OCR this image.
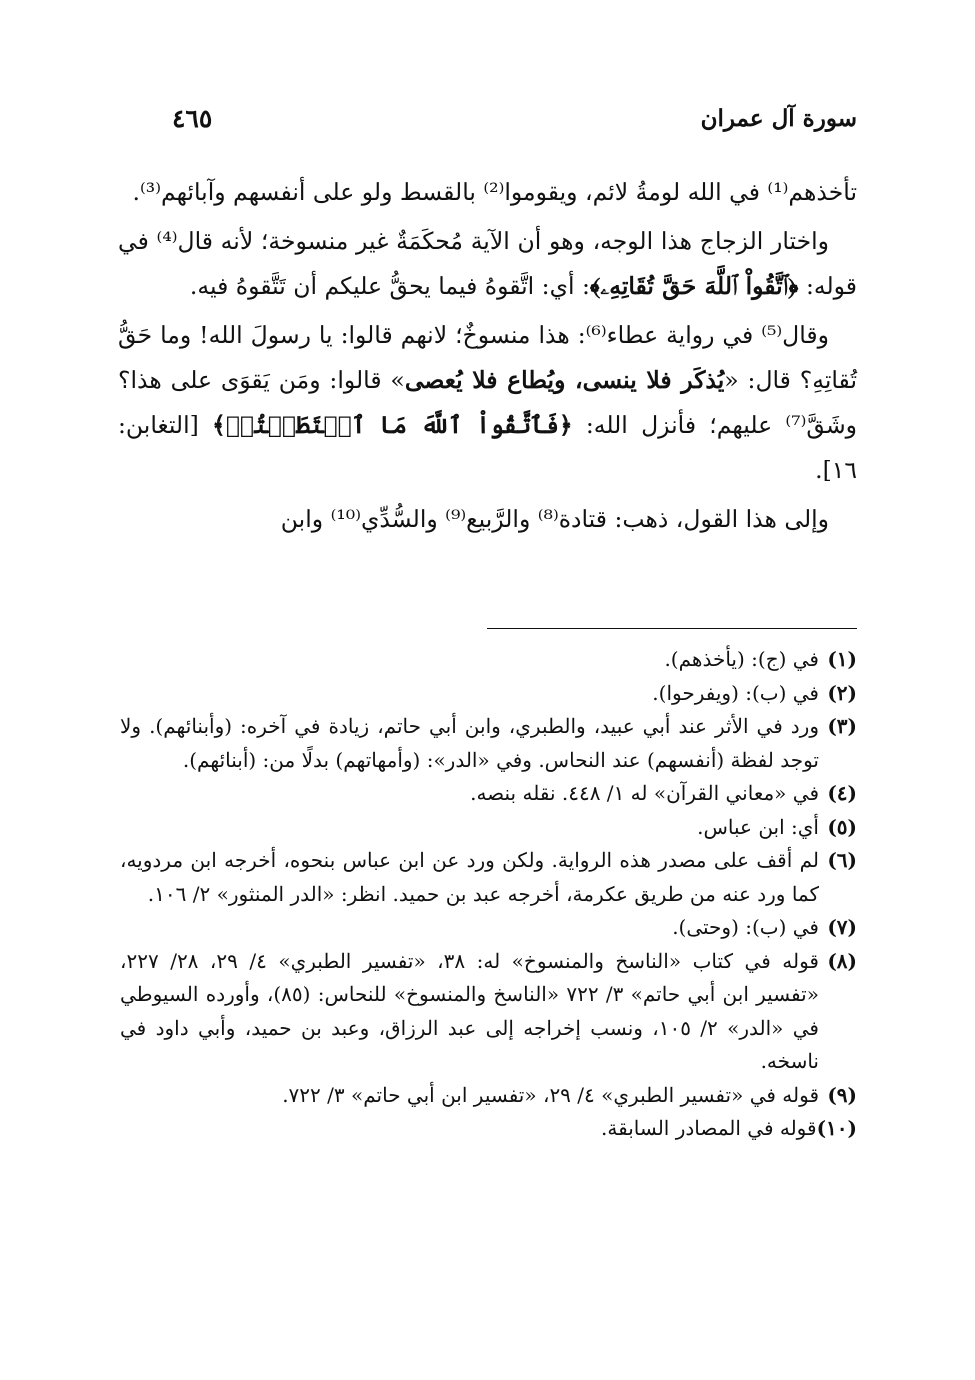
سورة آل عمران
٤٦٥

تأخذهم⁽¹⁾ في الله لومةُ لائم، ويقوموا⁽²⁾ بالقسط ولو على أنفسهم وآبائهم⁽³⁾.

واختار الزجاج هذا الوجه، وهو أن الآية مُحكَمَةٌ غير منسوخة؛ لأنه قال⁽⁴⁾ في قوله: ﴿ٱتَّقُواْ ٱللَّهَ حَقَّ تُقَاتِهِۦ﴾: أي: اتَّقوهُ فيما يحقُّ عليكم أن تَتَّقوهُ فيه.

وقال⁽⁵⁾ في رواية عطاء⁽⁶⁾: هذا منسوخٌ؛ لانهم قالوا: يا رسولَ الله! وما حَقُّ تُقاتِهِ؟ قال: «يُذكَر فلا ينسى، ويُطاع فلا يُعصى» قالوا: ومَن يَقوَى على هذا؟ وشَقَّ⁽⁷⁾ عليهم؛ فأنزل الله: ﴿فَٱتَّقُواْ ٱللَّهَ مَا ٱسۡتَطَعۡتُمۡ﴾ [التغابن: ١٦].

وإلى هذا القول، ذهب: قتادة⁽⁸⁾ والرَّبيع⁽⁹⁾ والسُّدِّي⁽¹⁰⁾ وابن

(١)
في (ج): (يأخذهم).
(٢)
في (ب): (ويفرحوا).
(٣)
ورد في الأثر عند أبي عبيد، والطبري، وابن أبي حاتم، زيادة في آخره: (وأبنائهم). ولا توجد لفظة (أنفسهم) عند النحاس. وفي «الدر»: (وأمهاتهم) بدلًا من: (أبنائهم).
(٤)
في «معاني القرآن» له ١/ ٤٤٨. نقله بنصه.
(٥)
أي: ابن عباس.
(٦)
لم أقف على مصدر هذه الرواية. ولكن ورد عن ابن عباس بنحوه، أخرجه ابن مردويه، كما ورد عنه من طريق عكرمة، أخرجه عبد بن حميد. انظر: «الدر المنثور» ٢/ ١٠٦.
(٧)
في (ب): (وحتى).
(٨)
قوله في كتاب «الناسخ والمنسوخ» له: ٣٨، «تفسير الطبري» ٤/ ٢٩، ٢٨/ ٢٢٧، «تفسير ابن أبي حاتم» ٣/ ٧٢٢ «الناسخ والمنسوخ» للنحاس: (٨٥)، وأورده السيوطي في «الدر» ٢/ ١٠٥، ونسب إخراجه إلى عبد الرزاق، وعبد بن حميد، وأبي داود في ناسخه.
(٩)
قوله في «تفسير الطبري» ٤/ ٢٩، «تفسير ابن أبي حاتم» ٣/ ٧٢٢.
(١٠)
قوله في المصادر السابقة.
